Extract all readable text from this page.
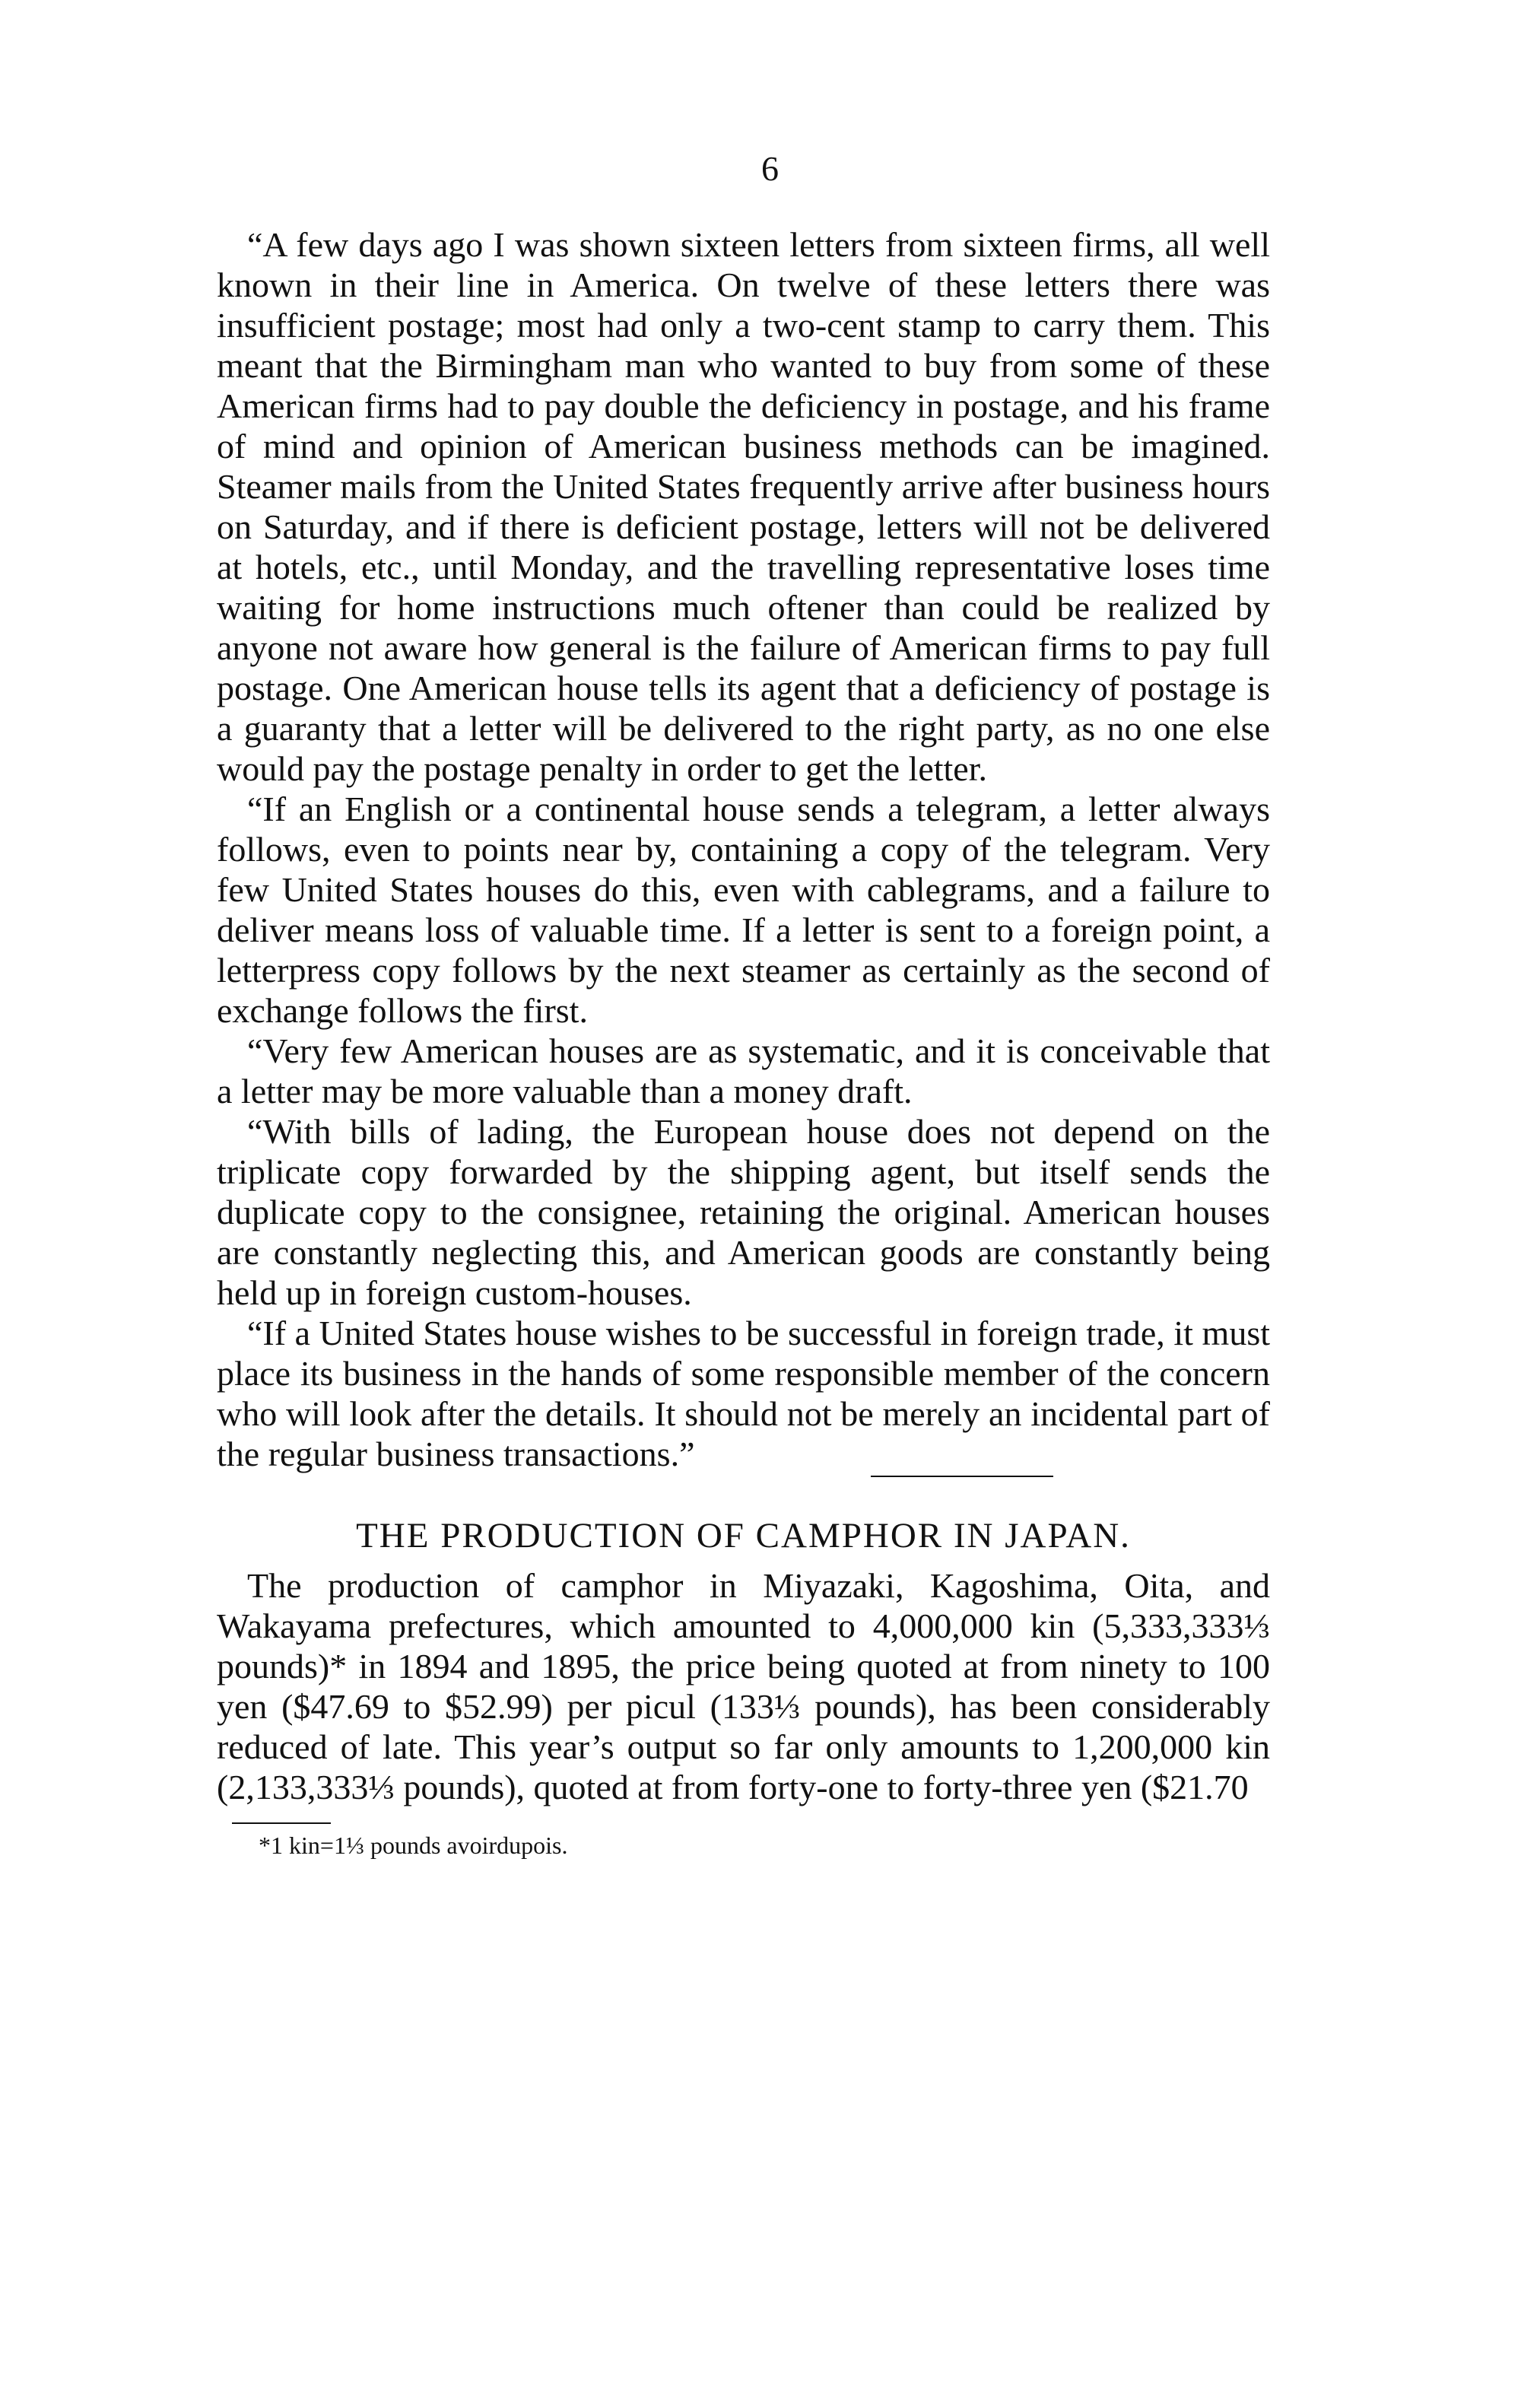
6

“A few days ago I was shown sixteen letters from sixteen firms, all well known in their line in America. On twelve of these letters there was insufficient postage; most had only a two-cent stamp to carry them. This meant that the Birmingham man who wanted to buy from some of these American firms had to pay double the deficiency in postage, and his frame of mind and opinion of American business methods can be imagined. Steamer mails from the United States frequently arrive after business hours on Saturday, and if there is deficient postage, letters will not be delivered at hotels, etc., until Monday, and the travelling representative loses time waiting for home instructions much oftener than could be realized by anyone not aware how general is the failure of American firms to pay full postage. One American house tells its agent that a deficiency of postage is a guaranty that a letter will be delivered to the right party, as no one else would pay the postage penalty in order to get the letter.

“If an English or a continental house sends a telegram, a letter always follows, even to points near by, containing a copy of the telegram. Very few United States houses do this, even with cablegrams, and a failure to deliver means loss of valuable time. If a letter is sent to a foreign point, a letterpress copy follows by the next steamer as certainly as the second of exchange follows the first.

“Very few American houses are as systematic, and it is conceivable that a letter may be more valuable than a money draft.

“With bills of lading, the European house does not depend on the triplicate copy forwarded by the shipping agent, but itself sends the duplicate copy to the consignee, retaining the original. American houses are constantly neglecting this, and American goods are constantly being held up in foreign custom-houses.

“If a United States house wishes to be successful in foreign trade, it must place its business in the hands of some responsible member of the concern who will look after the details. It should not be merely an incidental part of the regular business transactions.”

THE PRODUCTION OF CAMPHOR IN JAPAN.

The production of camphor in Miyazaki, Kagoshima, Oita, and Wakayama prefectures, which amounted to 4,000,000 kin (5,333,333⅓ pounds)* in 1894 and 1895, the price being quoted at from ninety to 100 yen ($47.69 to $52.99) per picul (133⅓ pounds), has been considerably reduced of late. This year’s output so far only amounts to 1,200,000 kin (2,133,333⅓ pounds), quoted at from forty-one to forty-three yen ($21.70

*1 kin=1⅓ pounds avoirdupois.
